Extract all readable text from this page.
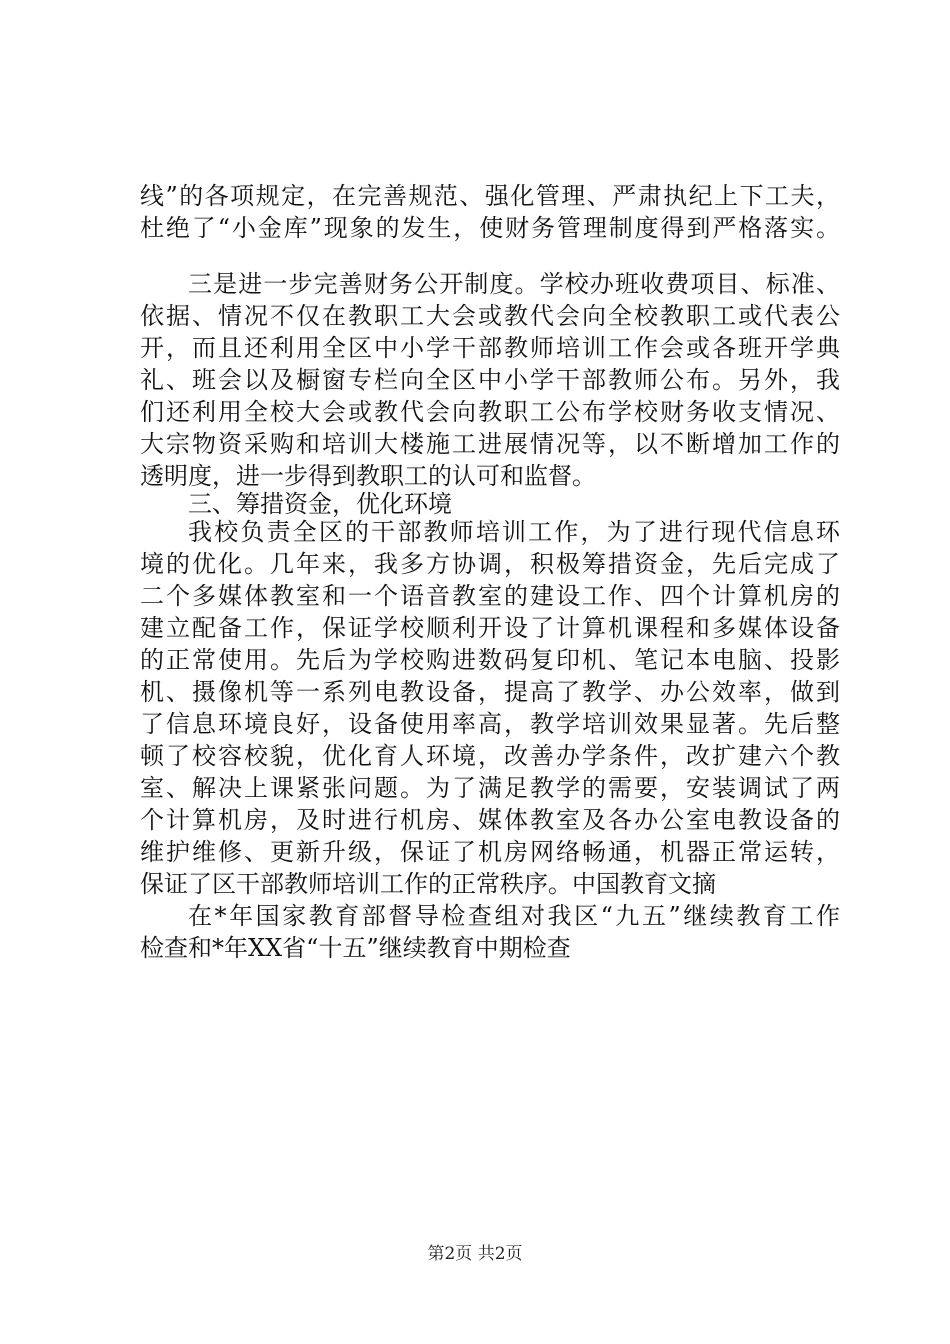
线”的各项规定，在完善规范、强化管理、严肃执纪上下工夫，
杜绝了“小金库”现象的发生，使财务管理制度得到严格落实。
三是进一步完善财务公开制度。学校办班收费项目、标准、
依据、情况不仅在教职工大会或教代会向全校教职工或代表公
开，而且还利用全区中小学干部教师培训工作会或各班开学典
礼、班会以及橱窗专栏向全区中小学干部教师公布。另外，我
们还利用全校大会或教代会向教职工公布学校财务收支情况、
大宗物资采购和培训大楼施工进展情况等，以不断增加工作的
透明度，进一步得到教职工的认可和监督。
三、筹措资金，优化环境
我校负责全区的干部教师培训工作，为了进行现代信息环
境的优化。几年来，我多方协调，积极筹措资金，先后完成了
二个多媒体教室和一个语音教室的建设工作、四个计算机房的
建立配备工作，保证学校顺利开设了计算机课程和多媒体设备
的正常使用。先后为学校购进数码复印机、笔记本电脑、投影
机、摄像机等一系列电教设备，提高了教学、办公效率，做到
了信息环境良好，设备使用率高，教学培训效果显著。先后整
顿了校容校貌，优化育人环境，改善办学条件，改扩建六个教
室、解决上课紧张问题。为了满足教学的需要，安装调试了两
个计算机房，及时进行机房、媒体教室及各办公室电教设备的
维护维修、更新升级，保证了机房网络畅通，机器正常运转，
保证了区干部教师培训工作的正常秩序。中国教育文摘
在*年国家教育部督导检查组对我区“九五”继续教育工作
检查和*年XX省“十五”继续教育中期检查
第2页 共2页
